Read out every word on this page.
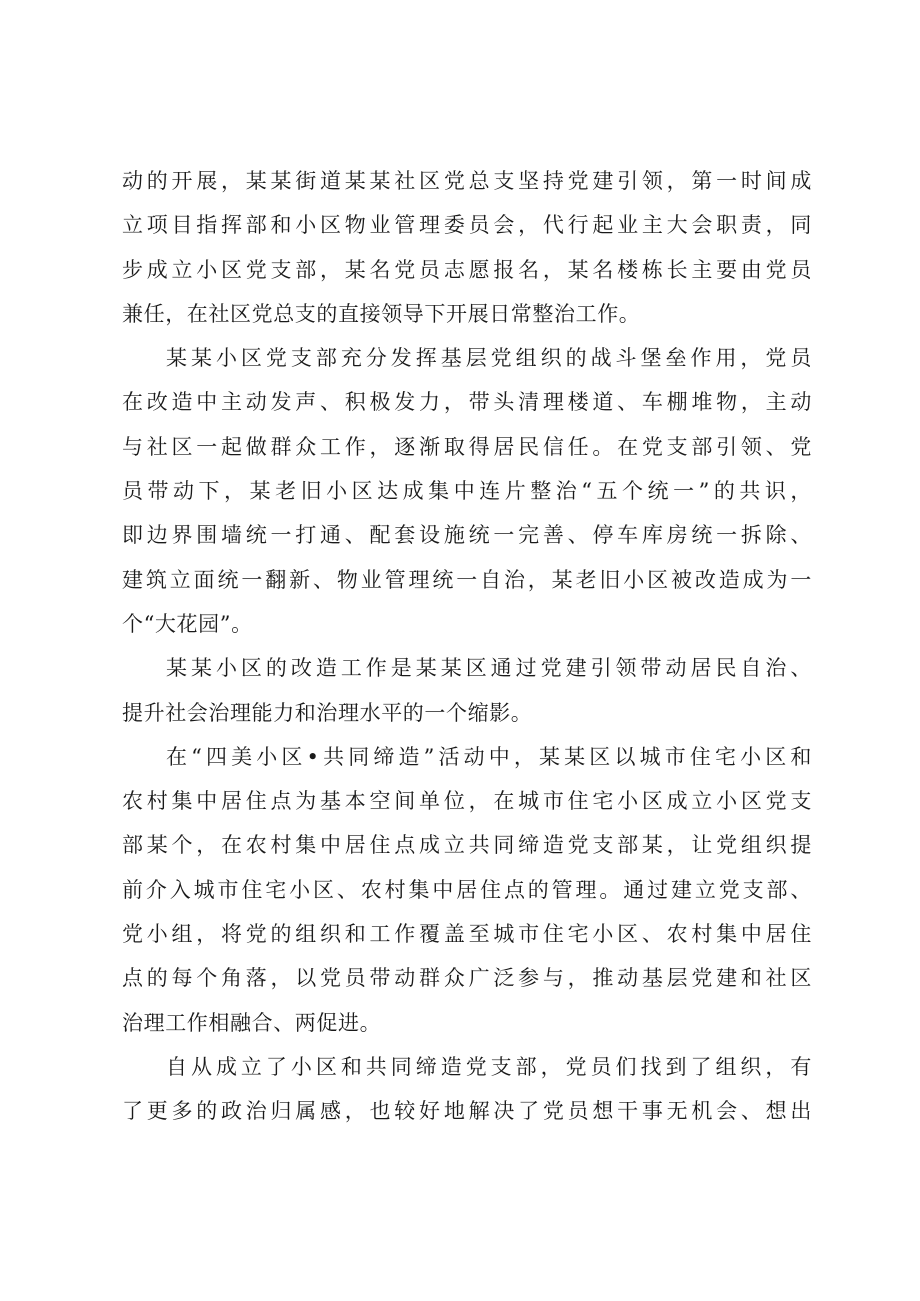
动的开展，某某街道某某社区党总支坚持党建引领，第一时间成
立项目指挥部和小区物业管理委员会，代行起业主大会职责，同
步成立小区党支部，某名党员志愿报名，某名楼栋长主要由党员
兼任，在社区党总支的直接领导下开展日常整治工作。
某某小区党支部充分发挥基层党组织的战斗堡垒作用，党员
在改造中主动发声、积极发力，带头清理楼道、车棚堆物，主动
与社区一起做群众工作，逐渐取得居民信任。在党支部引领、党
员带动下，某老旧小区达成集中连片整治“五个统一”的共识，
即边界围墙统一打通、配套设施统一完善、停车库房统一拆除、
建筑立面统一翻新、物业管理统一自治，某老旧小区被改造成为一
个“大花园”。
某某小区的改造工作是某某区通过党建引领带动居民自治、
提升社会治理能力和治理水平的一个缩影。
在“四美小区•共同缔造”活动中，某某区以城市住宅小区和
农村集中居住点为基本空间单位，在城市住宅小区成立小区党支
部某个，在农村集中居住点成立共同缔造党支部某，让党组织提
前介入城市住宅小区、农村集中居住点的管理。通过建立党支部、
党小组，将党的组织和工作覆盖至城市住宅小区、农村集中居住
点的每个角落，以党员带动群众广泛参与，推动基层党建和社区
治理工作相融合、两促进。
自从成立了小区和共同缔造党支部，党员们找到了组织，有
了更多的政治归属感，也较好地解决了党员想干事无机会、想出
